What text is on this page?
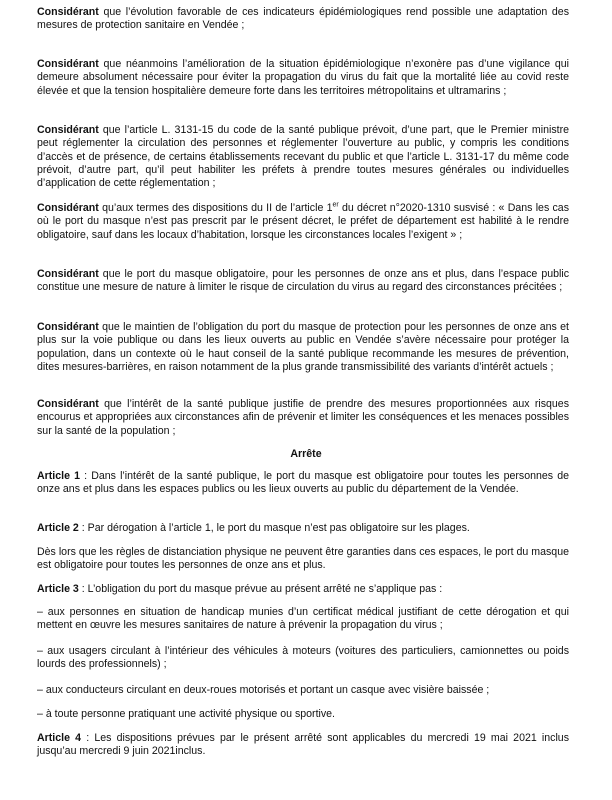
Considérant que l’évolution favorable de ces indicateurs épidémiologiques rend possible une adaptation des mesures de protection sanitaire en Vendée ;

Considérant que néanmoins l’amélioration de la situation épidémiologique n’exonère pas d’une vigilance qui demeure absolument nécessaire pour éviter la propagation du virus du fait que la mortalité liée au covid reste élevée et que la tension hospitalière demeure forte dans les territoires métropolitains et ultramarins ;

Considérant que l’article L. 3131-15 du code de la santé publique prévoit, d’une part, que le Premier ministre peut réglementer la circulation des personnes et réglementer l’ouverture au public, y compris les conditions d’accès et de présence, de certains établissements recevant du public et que l’article L. 3131-17 du même code prévoit, d’autre part, qu’il peut habiliter les préfets à prendre toutes mesures générales ou individuelles d’application de cette réglementation ;

Considérant qu’aux termes des dispositions du II de l’article 1er du décret n°2020-1310 susvisé : « Dans les cas où le port du masque n’est pas prescrit par le présent décret, le préfet de département est habilité à le rendre obligatoire, sauf dans les locaux d’habitation, lorsque les circonstances locales l’exigent » ;

Considérant que le port du masque obligatoire, pour les personnes de onze ans et plus, dans l’espace public constitue une mesure de nature à limiter le risque de circulation du virus au regard des circonstances précitées ;

Considérant que le maintien de l’obligation du port du masque de protection pour les personnes de onze ans et plus sur la voie publique ou dans les lieux ouverts au public en Vendée s’avère nécessaire pour protéger la population, dans un contexte où le haut conseil de la santé publique recommande les mesures de prévention, dites mesures-barrières, en raison notamment de la plus grande transmissibilité des variants d’intérêt actuels ;

Considérant que l’intérêt de la santé publique justifie de prendre des mesures proportionnées aux risques encourus et appropriées aux circonstances afin de prévenir et limiter les conséquences et les menaces possibles sur la santé de la population ;

Arrête

Article 1 : Dans l’intérêt de la santé publique, le port du masque est obligatoire pour toutes les personnes de onze ans et plus dans les espaces publics ou les lieux ouverts au public du département de la Vendée.

Article 2 : Par dérogation à l’article 1, le port du masque n’est pas obligatoire sur les plages.

Dès lors que les règles de distanciation physique ne peuvent être garanties dans ces espaces, le port du masque est obligatoire pour toutes les personnes de onze ans et plus.

Article 3 : L’obligation du port du masque prévue au présent arrêté ne s’applique pas :

– aux personnes en situation de handicap munies d’un certificat médical justifiant de cette dérogation et qui mettent en œuvre les mesures sanitaires de nature à prévenir la propagation du virus ;

– aux usagers circulant à l’intérieur des véhicules à moteurs (voitures des particuliers, camionnettes ou poids lourds des professionnels) ;

– aux conducteurs circulant en deux-roues motorisés et portant un casque avec visière baissée ;

– à toute personne pratiquant une activité physique ou sportive.

Article 4 : Les dispositions prévues par le présent arrêté sont applicables du mercredi 19 mai 2021 inclus jusqu’au mercredi 9 juin 2021inclus.
